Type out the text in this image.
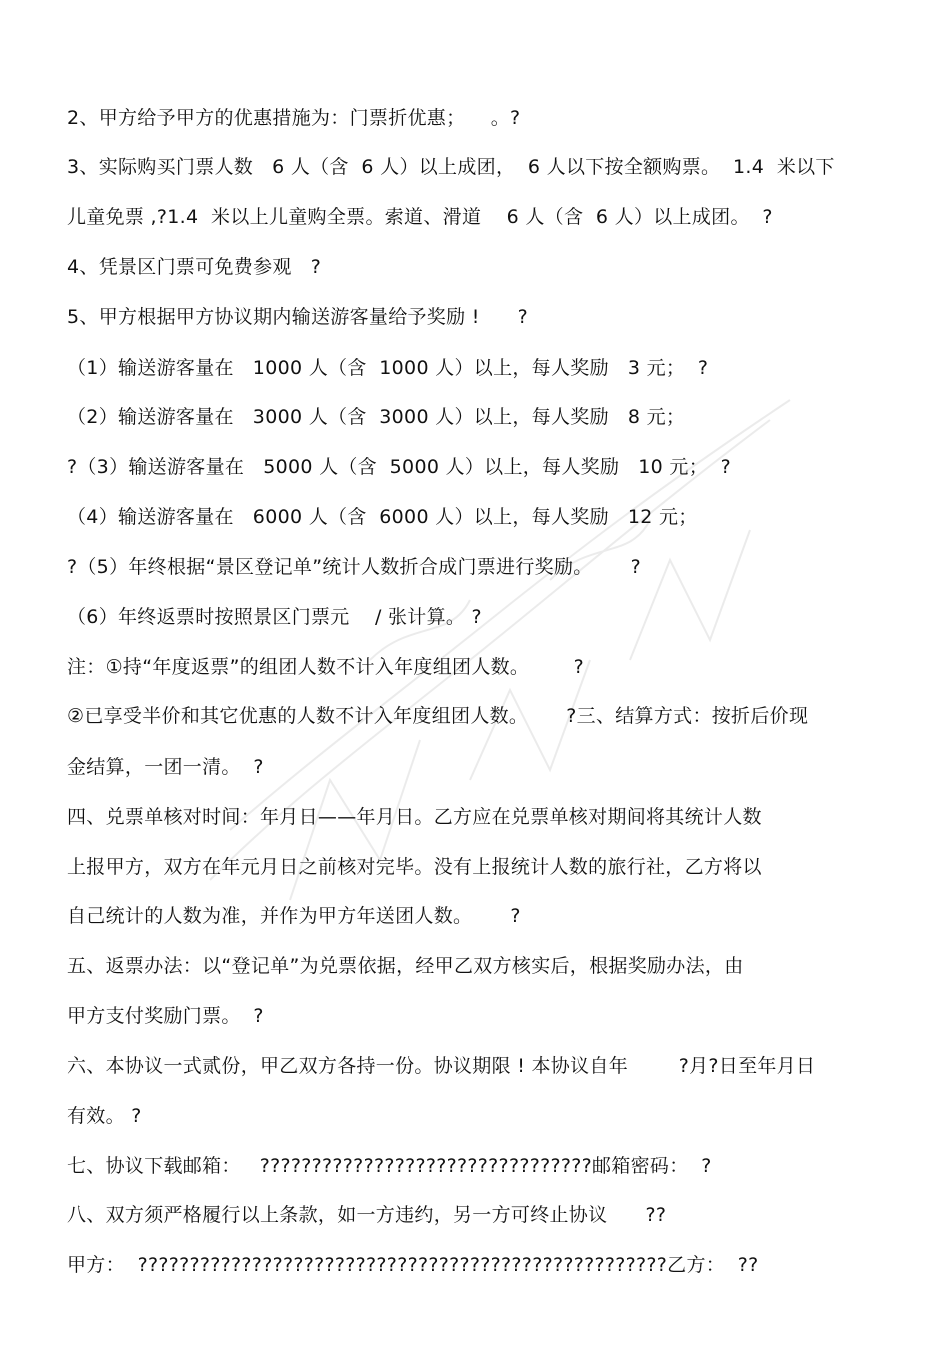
2、甲方给予甲方的优惠措施为：门票折优惠；    。?
3、实际购买门票人数   6 人（含  6 人）以上成团，  6 人以下按全额购票。  1.4  米以下
儿童免票 ,?1.4  米以上儿童购全票。索道、滑道    6 人（含  6 人）以上成团。  ?
4、凭景区门票可免费参观   ?
5、甲方根据甲方协议期内输送游客量给予奖励 !      ?
（1）输送游客量在   1000 人（含  1000 人）以上，每人奖励   3 元；  ?
（2）输送游客量在   3000 人（含  3000 人）以上，每人奖励   8 元；
?（3）输送游客量在   5000 人（含  5000 人）以上，每人奖励   10 元；  ?
（4）输送游客量在   6000 人（含  6000 人）以上，每人奖励   12 元；
?（5）年终根据“景区登记单”统计人数折合成门票进行奖励。      ?
（6）年终返票时按照景区门票元    / 张计算。 ?
注：①持“年度返票”的组团人数不计入年度组团人数。       ?
②已享受半价和其它优惠的人数不计入年度组团人数。      ?三、结算方式：按折后价现
金结算，一团一清。  ?
四、兑票单核对时间：年月日——年月日。乙方应在兑票单核对期间将其统计人数
上报甲方，双方在年元月日之前核对完毕。没有上报统计人数的旅行社，乙方将以
自己统计的人数为准，并作为甲方年送团人数。      ?
五、返票办法：以“登记单”为兑票依据，经甲乙双方核实后，根据奖励办法，由
甲方支付奖励门票。  ?
六、本协议一式贰份，甲乙双方各持一份。协议期限 ! 本协议自年        ?月?日至年月日
有效。 ?
七、协议下载邮箱：   ????????????????????????????????邮箱密码：  ?
八、双方须严格履行以上条款，如一方违约，另一方可终止协议      ??
甲方：  ???????????????????????????????????????????????????乙方：  ??
